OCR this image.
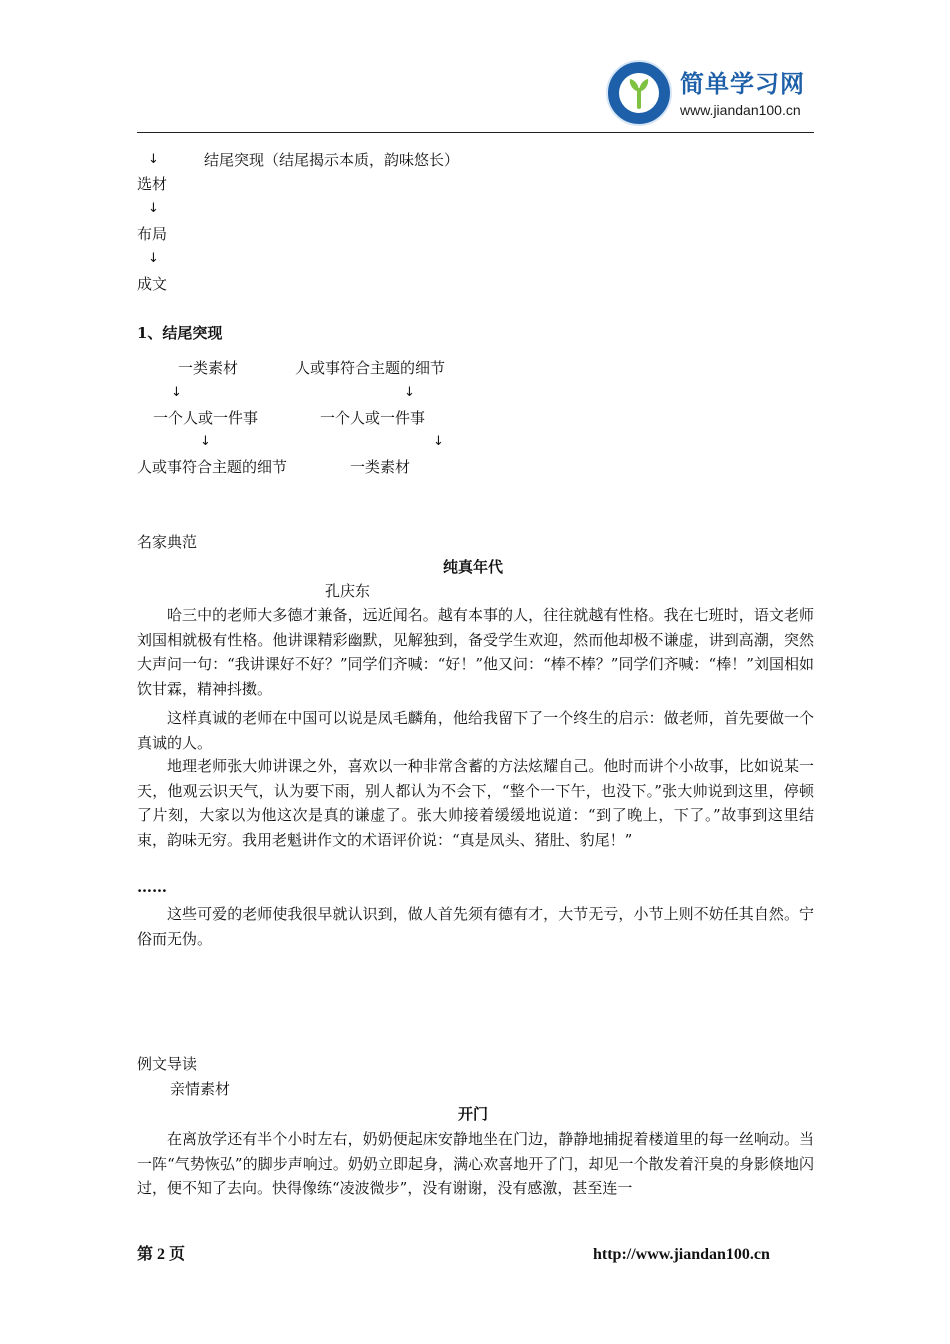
简单学习网
www.jiandan100.cn
↓	结尾突现（结尾揭示本质，韵味悠长）
选材
↓
布局
↓
成文
1、结尾突现
一类素材	人或事符合主题的细节
↓	↓
一个人或一件事	一个人或一件事
↓	↓
人或事符合主题的细节	一类素材
名家典范
纯真年代
孔庆东
哈三中的老师大多德才兼备，远近闻名。越有本事的人，往往就越有性格。我在七班时，语文老师刘国相就极有性格。他讲课精彩幽默，见解独到，备受学生欢迎，然而他却极不谦虚，讲到高潮，突然大声问一句：“我讲课好不好？”同学们齐喊：“好！”他又问：“棒不棒？”同学们齐喊：“棒！”刘国相如饮甘霖，精神抖擞。
这样真诚的老师在中国可以说是凤毛麟角，他给我留下了一个终生的启示：做老师，首先要做一个真诚的人。
地理老师张大帅讲课之外，喜欢以一种非常含蓄的方法炫耀自己。他时而讲个小故事，比如说某一天，他观云识天气，认为要下雨，别人都认为不会下，“整个一下午，也没下。”张大帅说到这里，停顿了片刻，大家以为他这次是真的谦虚了。张大帅接着缓缓地说道：“到了晚上，下了。”故事到这里结束，韵味无穷。我用老魁讲作文的术语评价说：“真是凤头、猪肚、豹尾！”
……
这些可爱的老师使我很早就认识到，做人首先须有德有才，大节无亏，小节上则不妨任其自然。宁俗而无伪。
例文导读
亲情素材
开门
在离放学还有半个小时左右，奶奶便起床安静地坐在门边，静静地捕捉着楼道里的每一丝响动。当一阵“气势恢弘”的脚步声响过。奶奶立即起身，满心欢喜地开了门，却见一个散发着汗臭的身影倏地闪过，便不知了去向。快得像练“凌波微步”，没有谢谢，没有感激，甚至连一
第 2 页	http://www.jiandan100.cn
